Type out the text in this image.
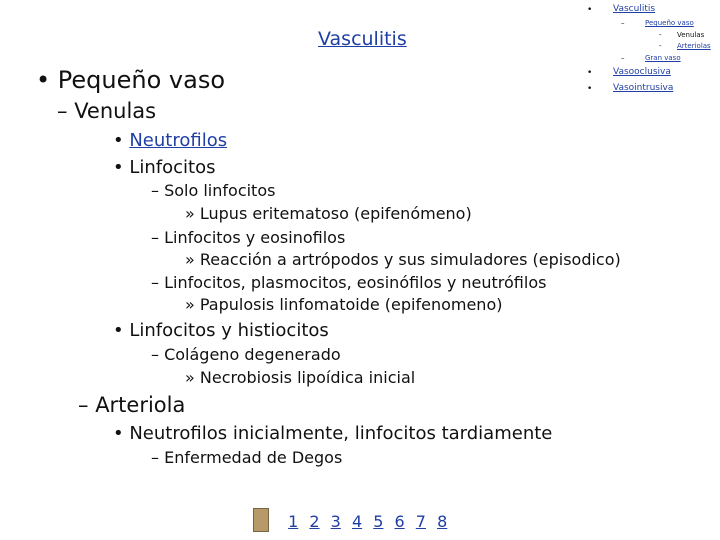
• Vasculitis
–	Pequeño vaso
- Venulas
- Arteriolas
–	Gran vaso
• Vasooclusiva
• Vasointrusiva
Vasculitis
• Pequeño vaso
– Venulas
• Neutrofilos
• Linfocitos
– Solo linfocitos
» Lupus eritematoso (epifenómeno)
– Linfocitos y eosinofilos
» Reacción a artrópodos y sus simuladores (episodico)
– Linfocitos, plasmocitos, eosinófilos y neutrófilos
» Papulosis linfomatoide (epifenomeno)
• Linfocitos y histiocitos
– Colágeno degenerado
» Necrobiosis lipoídica inicial
– Arteriola
• Neutrofilos inicialmente, linfocitos tardiamente
– Enfermedad de Degos
1 2 3 4 5 6 7 8
